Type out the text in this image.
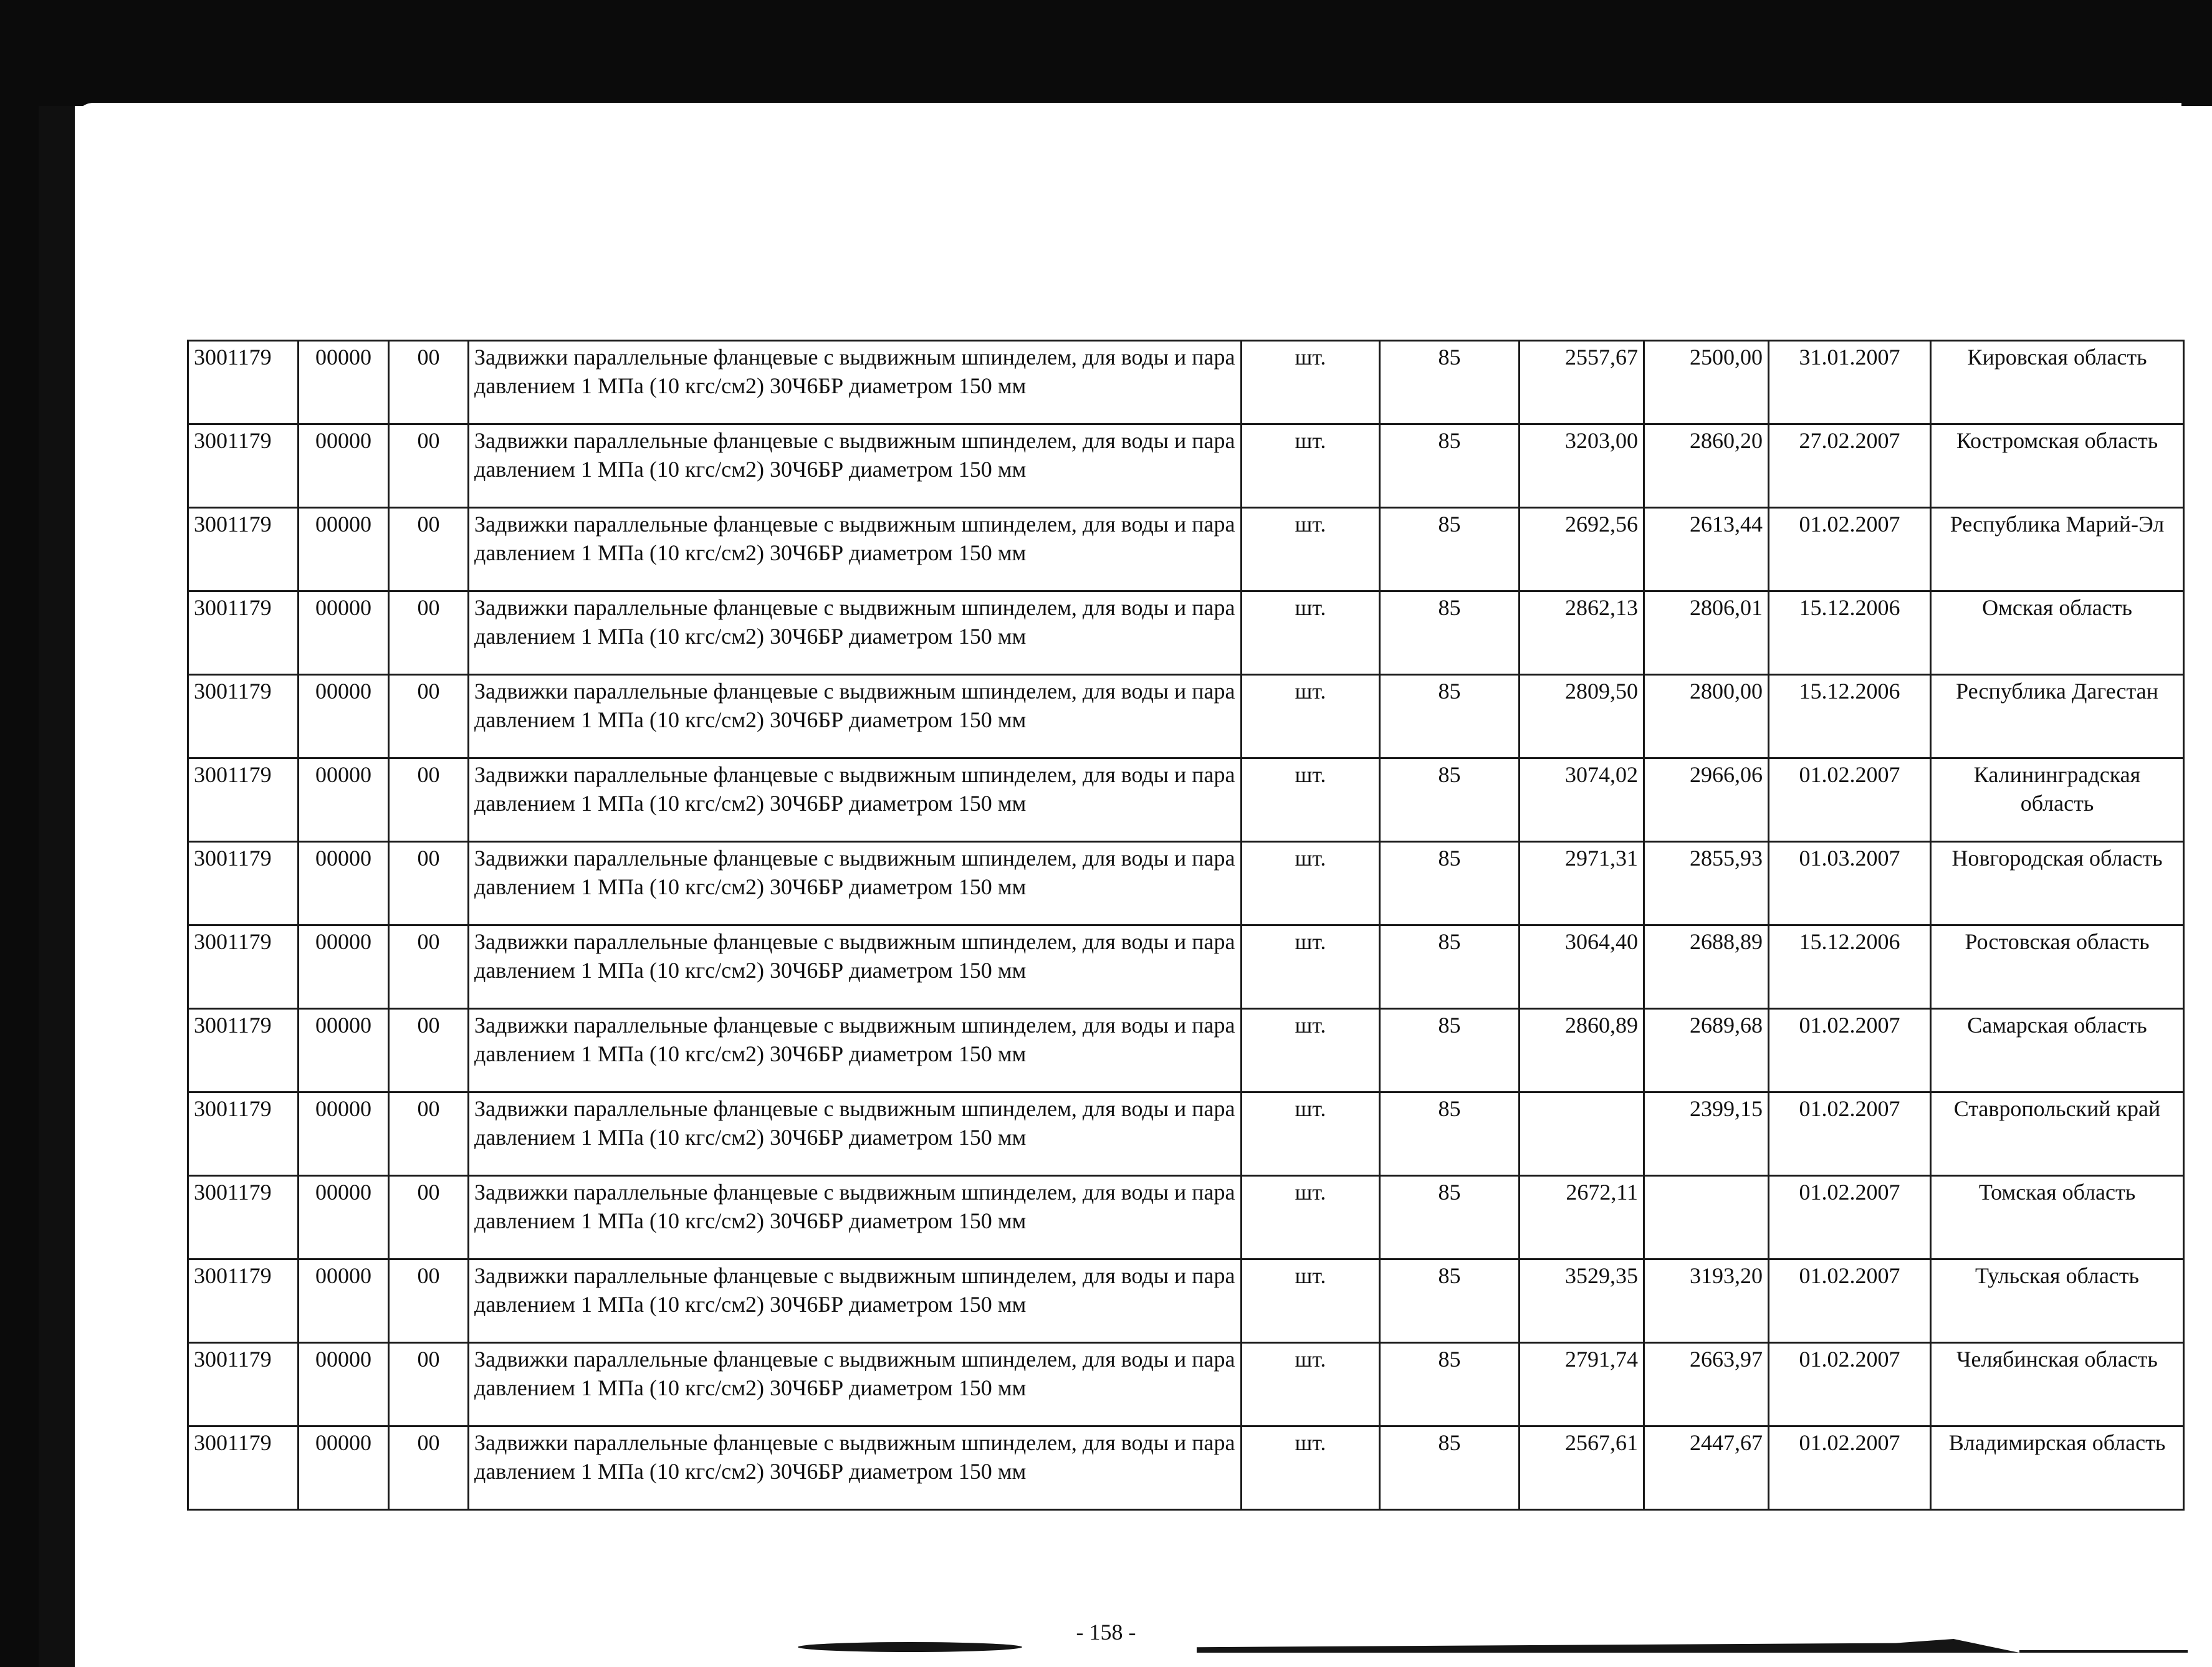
3001179	00000	00	Задвижки параллельные фланцевые с выдвижным шпинделем, для воды и пара давлением 1 МПа (10 кгс/см2) 30Ч6БР диаметром 150 мм	шт.	85	2557,67	2500,00	31.01.2007	Кировская область
3001179	00000	00	Задвижки параллельные фланцевые с выдвижным шпинделем, для воды и пара давлением 1 МПа (10 кгс/см2) 30Ч6БР диаметром 150 мм	шт.	85	3203,00	2860,20	27.02.2007	Костромская область
3001179	00000	00	Задвижки параллельные фланцевые с выдвижным шпинделем, для воды и пара давлением 1 МПа (10 кгс/см2) 30Ч6БР диаметром 150 мм	шт.	85	2692,56	2613,44	01.02.2007	Республика Марий-Эл
3001179	00000	00	Задвижки параллельные фланцевые с выдвижным шпинделем, для воды и пара давлением 1 МПа (10 кгс/см2) 30Ч6БР диаметром 150 мм	шт.	85	2862,13	2806,01	15.12.2006	Омская область
3001179	00000	00	Задвижки параллельные фланцевые с выдвижным шпинделем, для воды и пара давлением 1 МПа (10 кгс/см2) 30Ч6БР диаметром 150 мм	шт.	85	2809,50	2800,00	15.12.2006	Республика Дагестан
3001179	00000	00	Задвижки параллельные фланцевые с выдвижным шпинделем, для воды и пара давлением 1 МПа (10 кгс/см2) 30Ч6БР диаметром 150 мм	шт.	85	3074,02	2966,06	01.02.2007	Калининградская область
3001179	00000	00	Задвижки параллельные фланцевые с выдвижным шпинделем, для воды и пара давлением 1 МПа (10 кгс/см2) 30Ч6БР диаметром 150 мм	шт.	85	2971,31	2855,93	01.03.2007	Новгородская область
3001179	00000	00	Задвижки параллельные фланцевые с выдвижным шпинделем, для воды и пара давлением 1 МПа (10 кгс/см2) 30Ч6БР диаметром 150 мм	шт.	85	3064,40	2688,89	15.12.2006	Ростовская область
3001179	00000	00	Задвижки параллельные фланцевые с выдвижным шпинделем, для воды и пара давлением 1 МПа (10 кгс/см2) 30Ч6БР диаметром 150 мм	шт.	85	2860,89	2689,68	01.02.2007	Самарская область
3001179	00000	00	Задвижки параллельные фланцевые с выдвижным шпинделем, для воды и пара давлением 1 МПа (10 кгс/см2) 30Ч6БР диаметром 150 мм	шт.	85		2399,15	01.02.2007	Ставропольский край
3001179	00000	00	Задвижки параллельные фланцевые с выдвижным шпинделем, для воды и пара давлением 1 МПа (10 кгс/см2) 30Ч6БР диаметром 150 мм	шт.	85	2672,11		01.02.2007	Томская область
3001179	00000	00	Задвижки параллельные фланцевые с выдвижным шпинделем, для воды и пара давлением 1 МПа (10 кгс/см2) 30Ч6БР диаметром 150 мм	шт.	85	3529,35	3193,20	01.02.2007	Тульская область
3001179	00000	00	Задвижки параллельные фланцевые с выдвижным шпинделем, для воды и пара давлением 1 МПа (10 кгс/см2) 30Ч6БР диаметром 150 мм	шт.	85	2791,74	2663,97	01.02.2007	Челябинская область
3001179	00000	00	Задвижки параллельные фланцевые с выдвижным шпинделем, для воды и пара давлением 1 МПа (10 кгс/см2) 30Ч6БР диаметром 150 мм	шт.	85	2567,61	2447,67	01.02.2007	Владимирская область
- 158 -
